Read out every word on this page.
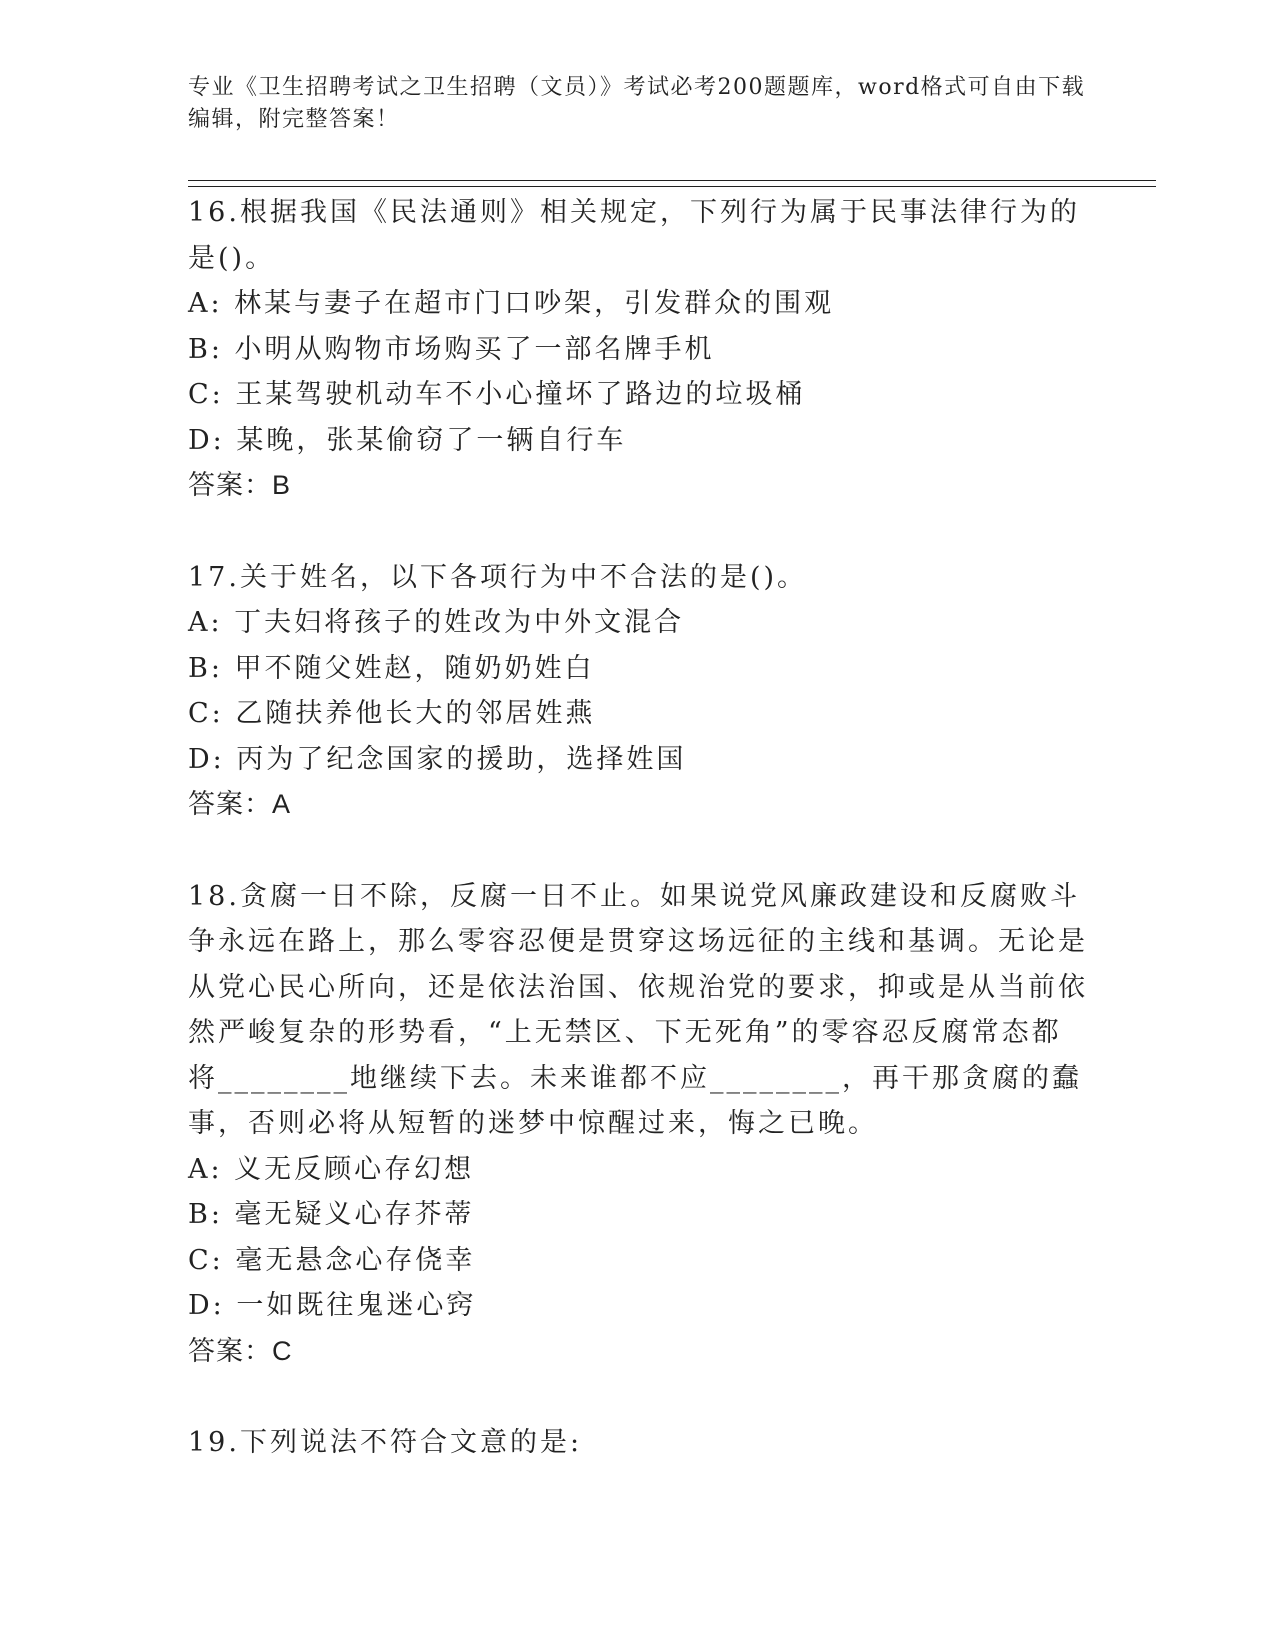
专业《卫生招聘考试之卫生招聘（文员）》考试必考200题题库，word格式可自由下载编辑，附完整答案！

16.根据我国《民法通则》相关规定，下列行为属于民事法律行为的是()。

A: 林某与妻子在超市门口吵架，引发群众的围观

B: 小明从购物市场购买了一部名牌手机

C: 王某驾驶机动车不小心撞坏了路边的垃圾桶

D: 某晚，张某偷窃了一辆自行车

答案：B

17.关于姓名，以下各项行为中不合法的是()。

A: 丁夫妇将孩子的姓改为中外文混合

B: 甲不随父姓赵，随奶奶姓白

C: 乙随扶养他长大的邻居姓燕

D: 丙为了纪念国家的援助，选择姓国

答案：A

18.贪腐一日不除，反腐一日不止。如果说党风廉政建设和反腐败斗争永远在路上，那么零容忍便是贯穿这场远征的主线和基调。无论是从党心民心所向，还是依法治国、依规治党的要求，抑或是从当前依然严峻复杂的形势看，“上无禁区、下无死角”的零容忍反腐常态都将________地继续下去。未来谁都不应________，再干那贪腐的蠢事，否则必将从短暂的迷梦中惊醒过来，悔之已晚。

A: 义无反顾心存幻想

B: 毫无疑义心存芥蒂

C: 毫无悬念心存侥幸

D: 一如既往鬼迷心窍

答案：C

19.下列说法不符合文意的是:
